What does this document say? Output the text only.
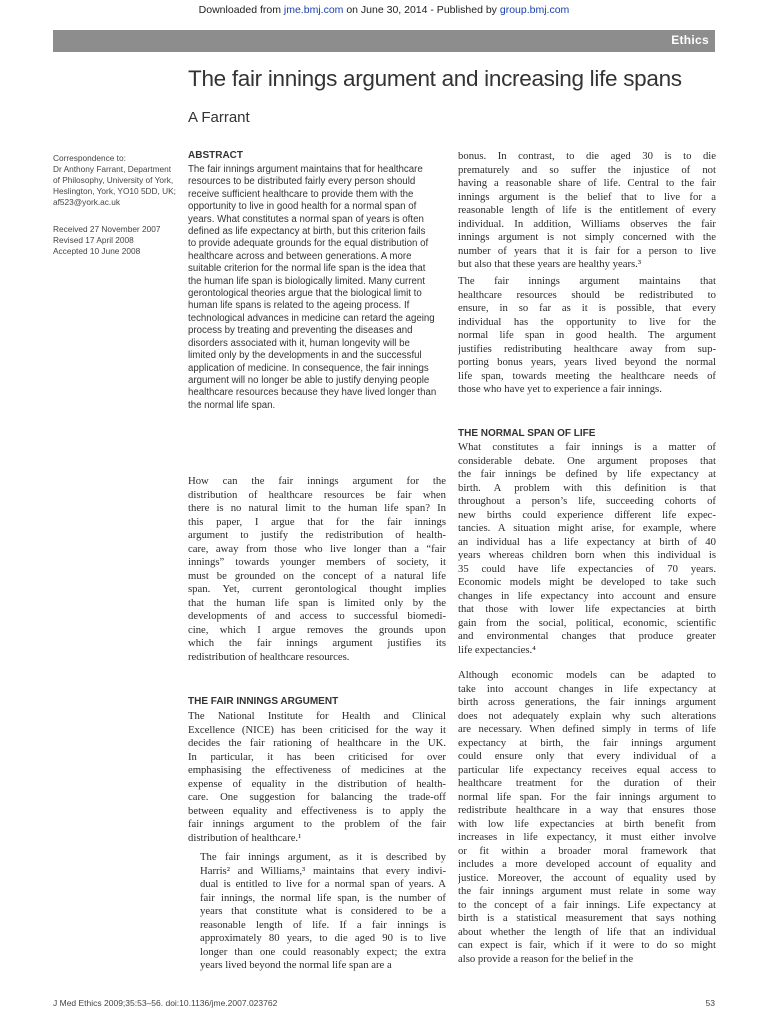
Downloaded from jme.bmj.com on June 30, 2014 - Published by group.bmj.com
Ethics
The fair innings argument and increasing life spans
A Farrant
Correspondence to:
Dr Anthony Farrant, Department
of Philosophy, University of York,
Heslington, York, YO10 5DD, UK;
af523@york.ac.uk
Received 27 November 2007
Revised 17 April 2008
Accepted 10 June 2008
ABSTRACT
The fair innings argument maintains that for healthcare
resources to be distributed fairly every person should
receive sufficient healthcare to provide them with the
opportunity to live in good health for a normal span of
years. What constitutes a normal span of years is often
defined as life expectancy at birth, but this criterion fails
to provide adequate grounds for the equal distribution of
healthcare across and between generations. A more
suitable criterion for the normal life span is the idea that
the human life span is biologically limited. Many current
gerontological theories argue that the biological limit to
human life spans is related to the ageing process. If
technological advances in medicine can retard the ageing
process by treating and preventing the diseases and
disorders associated with it, human longevity will be
limited only by the developments in and the successful
application of medicine. In consequence, the fair innings
argument will no longer be able to justify denying people
healthcare resources because they have lived longer than
the normal life span.
How can the fair innings argument for the
distribution of healthcare resources be fair when
there is no natural limit to the human life span? In
this paper, I argue that for the fair innings
argument to justify the redistribution of health-
care, away from those who live longer than a “fair
innings” towards younger members of society, it
must be grounded on the concept of a natural life
span. Yet, current gerontological thought implies
that the human life span is limited only by the
developments of and access to successful biomedi-
cine, which I argue removes the grounds upon
which the fair innings argument justifies its
redistribution of healthcare resources.
THE FAIR INNINGS ARGUMENT
The National Institute for Health and Clinical
Excellence (NICE) has been criticised for the way it
decides the fair rationing of healthcare in the UK.
In particular, it has been criticised for over
emphasising the effectiveness of medicines at the
expense of equality in the distribution of health-
care. One suggestion for balancing the trade-off
between equality and effectiveness is to apply the
fair innings argument to the problem of the fair
distribution of healthcare.¹
The fair innings argument, as it is described by
Harris² and Williams,³ maintains that every indivi-
dual is entitled to live for a normal span of years. A
fair innings, the normal life span, is the number of
years that constitute what is considered to be a
reasonable length of life. If a fair innings is
approximately 80 years, to die aged 90 is to live
longer than one could reasonably expect; the extra
years lived beyond the normal life span are a
bonus. In contrast, to die aged 30 is to die
prematurely and so suffer the injustice of not
having a reasonable share of life. Central to the fair
innings argument is the belief that to live for a
reasonable length of life is the entitlement of every
individual. In addition, Williams observes the fair
innings argument is not simply concerned with the
number of years that it is fair for a person to live
but also that these years are healthy years.³
The fair innings argument maintains that
healthcare resources should be redistributed to
ensure, in so far as it is possible, that every
individual has the opportunity to live for the
normal life span in good health. The argument
justifies redistributing healthcare away from sup-
porting bonus years, years lived beyond the normal
life span, towards meeting the healthcare needs of
those who have yet to experience a fair innings.
THE NORMAL SPAN OF LIFE
What constitutes a fair innings is a matter of
considerable debate. One argument proposes that
the fair innings be defined by life expectancy at
birth. A problem with this definition is that
throughout a person’s life, succeeding cohorts of
new births could experience different life expec-
tancies. A situation might arise, for example, where
an individual has a life expectancy at birth of 40
years whereas children born when this individual is
35 could have life expectancies of 70 years.
Economic models might be developed to take such
changes in life expectancy into account and ensure
that those with lower life expectancies at birth
gain from the social, political, economic, scientific
and environmental changes that produce greater
life expectancies.⁴
Although economic models can be adapted to
take into account changes in life expectancy at
birth across generations, the fair innings argument
does not adequately explain why such alterations
are necessary. When defined simply in terms of life
expectancy at birth, the fair innings argument
could ensure only that every individual of a
particular life expectancy receives equal access to
healthcare treatment for the duration of their
normal life span. For the fair innings argument to
redistribute healthcare in a way that ensures those
with low life expectancies at birth benefit from
increases in life expectancy, it must either involve
or fit within a broader moral framework that
includes a more developed account of equality and
justice. Moreover, the account of equality used by
the fair innings argument must relate in some way
to the concept of a fair innings. Life expectancy at
birth is a statistical measurement that says nothing
about whether the length of life that an individual
can expect is fair, which if it were to do so might
also provide a reason for the belief in the
J Med Ethics 2009;35:53–56. doi:10.1136/jme.2007.023762	53
